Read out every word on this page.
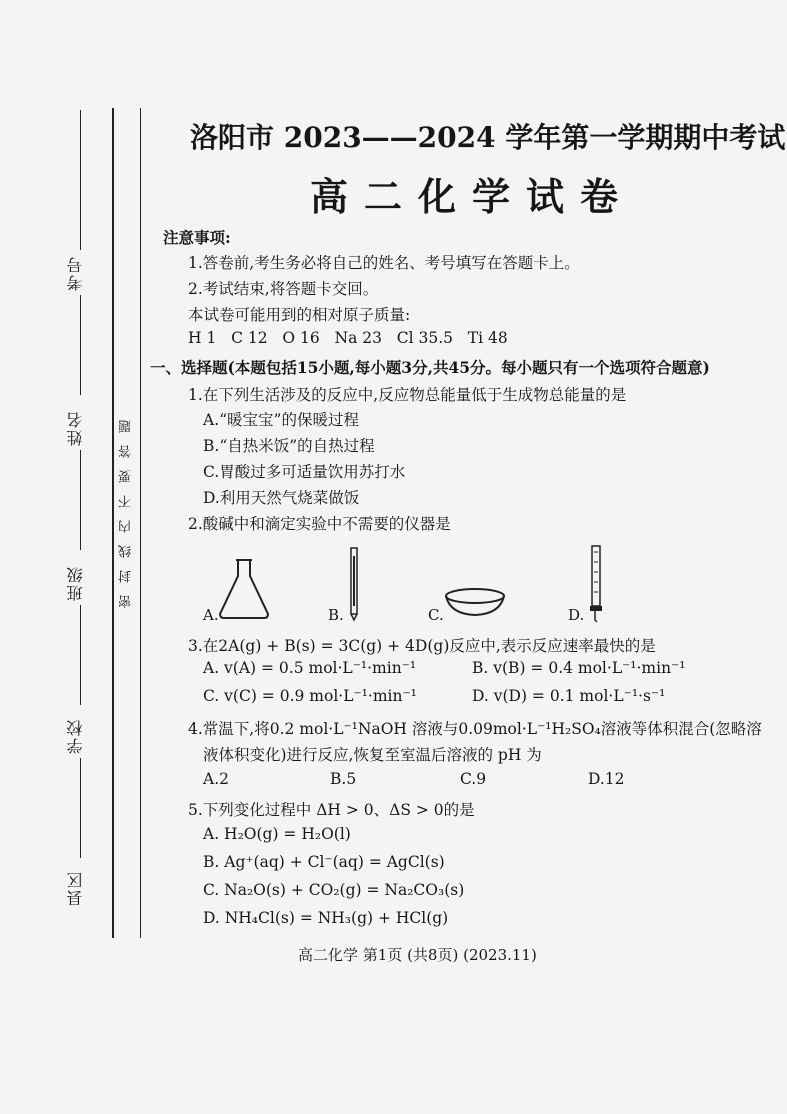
考号
姓名
班级
学校
县区
密封线内不要答题
洛阳市 2023——2024 学年第一学期期中考试
高二化学试卷
注意事项:
1.答卷前,考生务必将自己的姓名、考号填写在答题卡上。
2.考试结束,将答题卡交回。
本试卷可能用到的相对原子质量:
H 1   C 12   O 16   Na 23   Cl 35.5   Ti 48
一、选择题(本题包括15小题,每小题3分,共45分。每小题只有一个选项符合题意)
1.在下列生活涉及的反应中,反应物总能量低于生成物总能量的是
A.“暖宝宝”的保暖过程
B.“自热米饭”的自热过程
C.胃酸过多可适量饮用苏打水
D.利用天然气烧菜做饭
2.酸碱中和滴定实验中不需要的仪器是
A.	B.	C.	D.
3.在2A(g) + B(s) = 3C(g) + 4D(g)反应中,表示反应速率最快的是
A. v(A) = 0.5 mol·L⁻¹·min⁻¹	B. v(B) = 0.4 mol·L⁻¹·min⁻¹
C. v(C) = 0.9 mol·L⁻¹·min⁻¹	D. v(D) = 0.1 mol·L⁻¹·s⁻¹
4.常温下,将0.2 mol·L⁻¹NaOH 溶液与0.09mol·L⁻¹H₂SO₄溶液等体积混合(忽略溶
液体积变化)进行反应,恢复至室温后溶液的 pH 为
A.2	B.5	C.9	D.12
5.下列变化过程中 ΔH > 0、ΔS > 0的是
A. H₂O(g) = H₂O(l)
B. Ag⁺(aq) + Cl⁻(aq) = AgCl(s)
C. Na₂O(s) + CO₂(g) = Na₂CO₃(s)
D. NH₄Cl(s) = NH₃(g) + HCl(g)
高二化学 第1页 (共8页) (2023.11)
